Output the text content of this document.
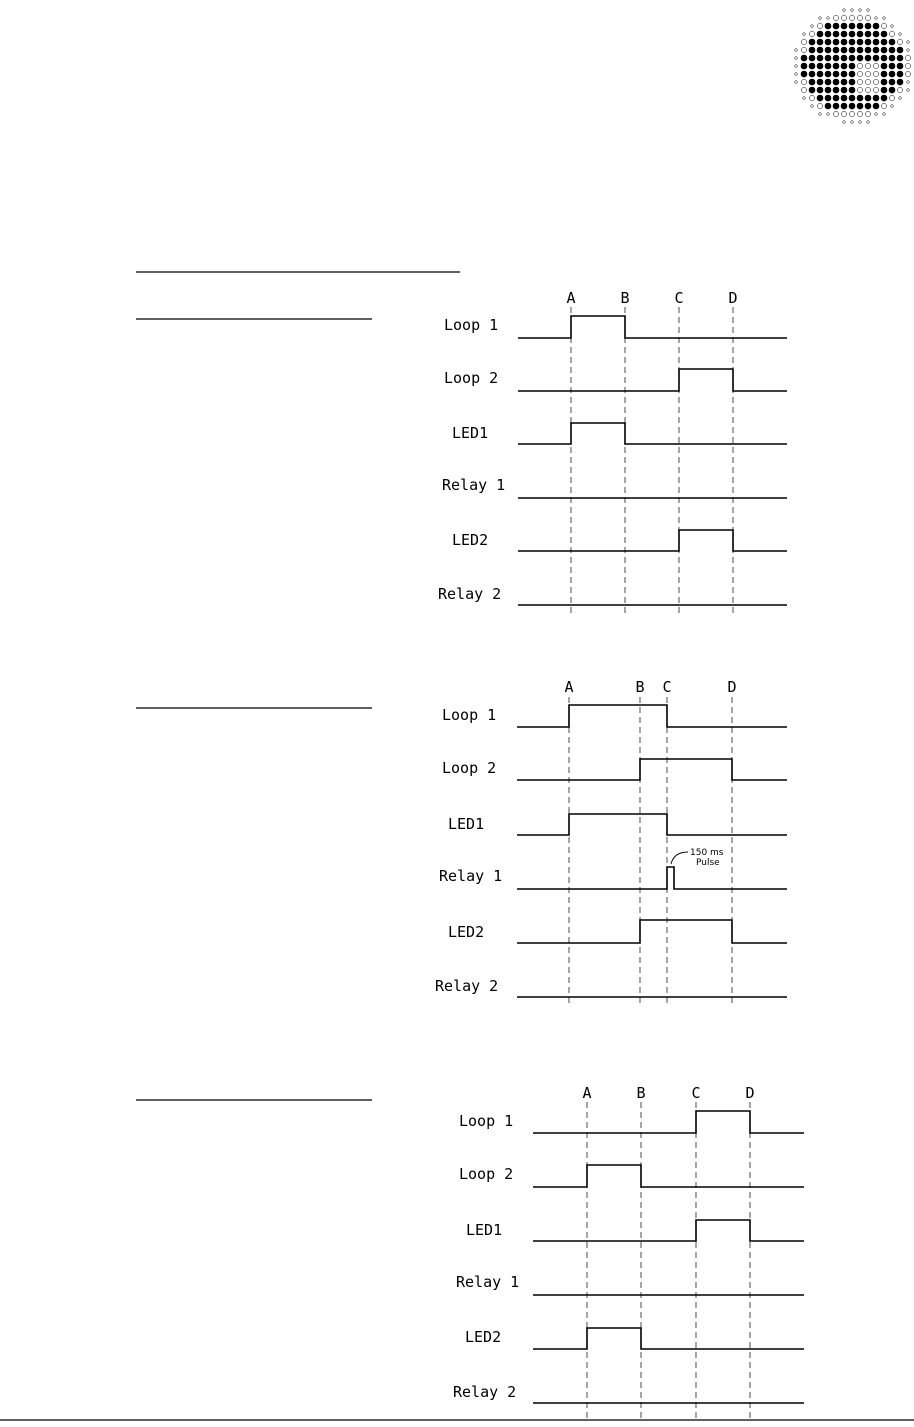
A	B	C	D
Loop 1
Loop 2
LED1
Relay 1
LED2
Relay 2
A	B C	D
Loop 1
Loop 2
LED1
Relay 1
150 ms
Pulse
LED2
Relay 2
A	B	C	D
Loop 1
Loop 2
LED1
Relay 1
LED2
Relay 2
